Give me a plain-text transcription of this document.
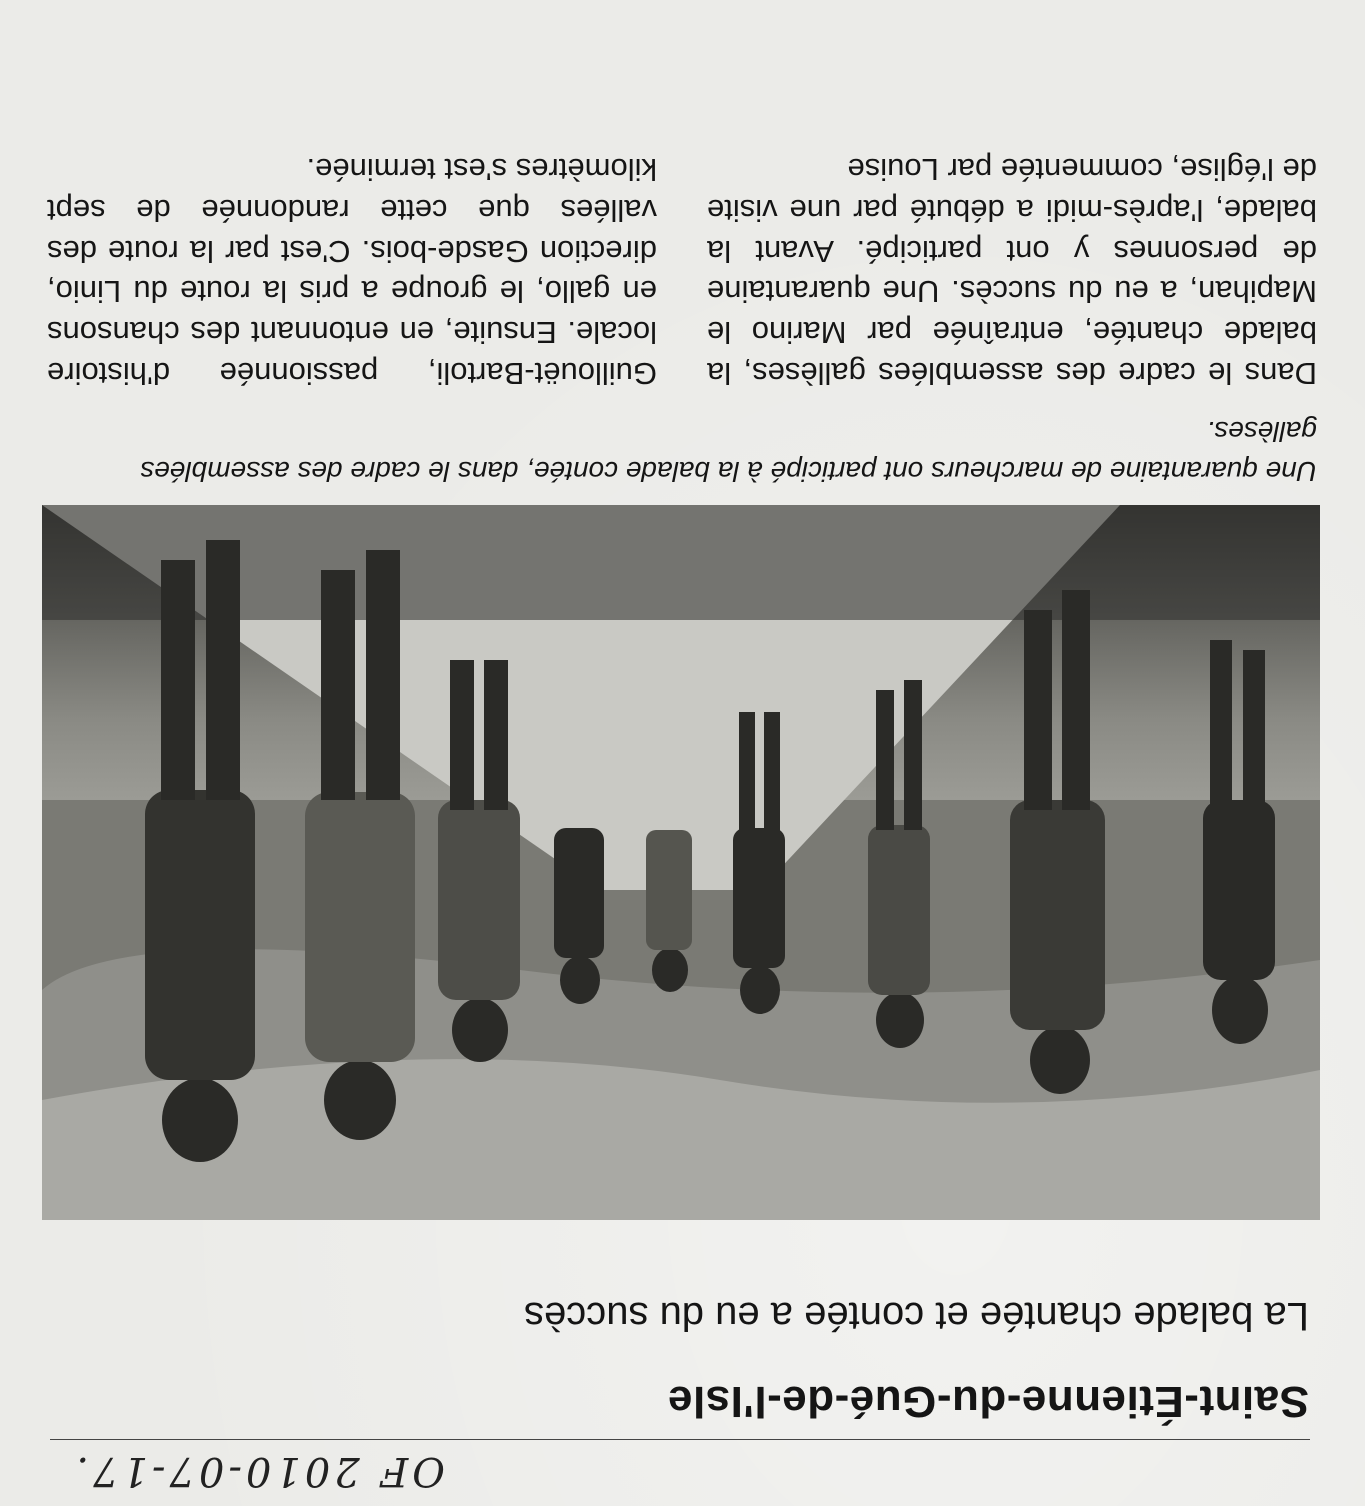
OF 2010-07-17.
Saint-Étienne-du-Gué-de-l'Isle
La balade chantée et contée a eu du succès
Une quarantaine de marcheurs ont participé à la balade contée, dans le cadre des assemblées gallèses.

Dans le cadre des assemblées gallèses, la balade chantée, entraînée par Marino le Mapihan, a eu du succès. Une quarantaine de personnes y ont participé. Avant la balade, l'après-midi a débuté par une visite de l'église, commentée par Louise

Guillouët-Bartoli, passionnée d'histoire locale. Ensuite, en entonnant des chansons en gallo, le groupe a pris la route du Linio, direction Gasde-bois. C'est par la route des vallées que cette randonnée de sept kilomètres s'est terminée.
